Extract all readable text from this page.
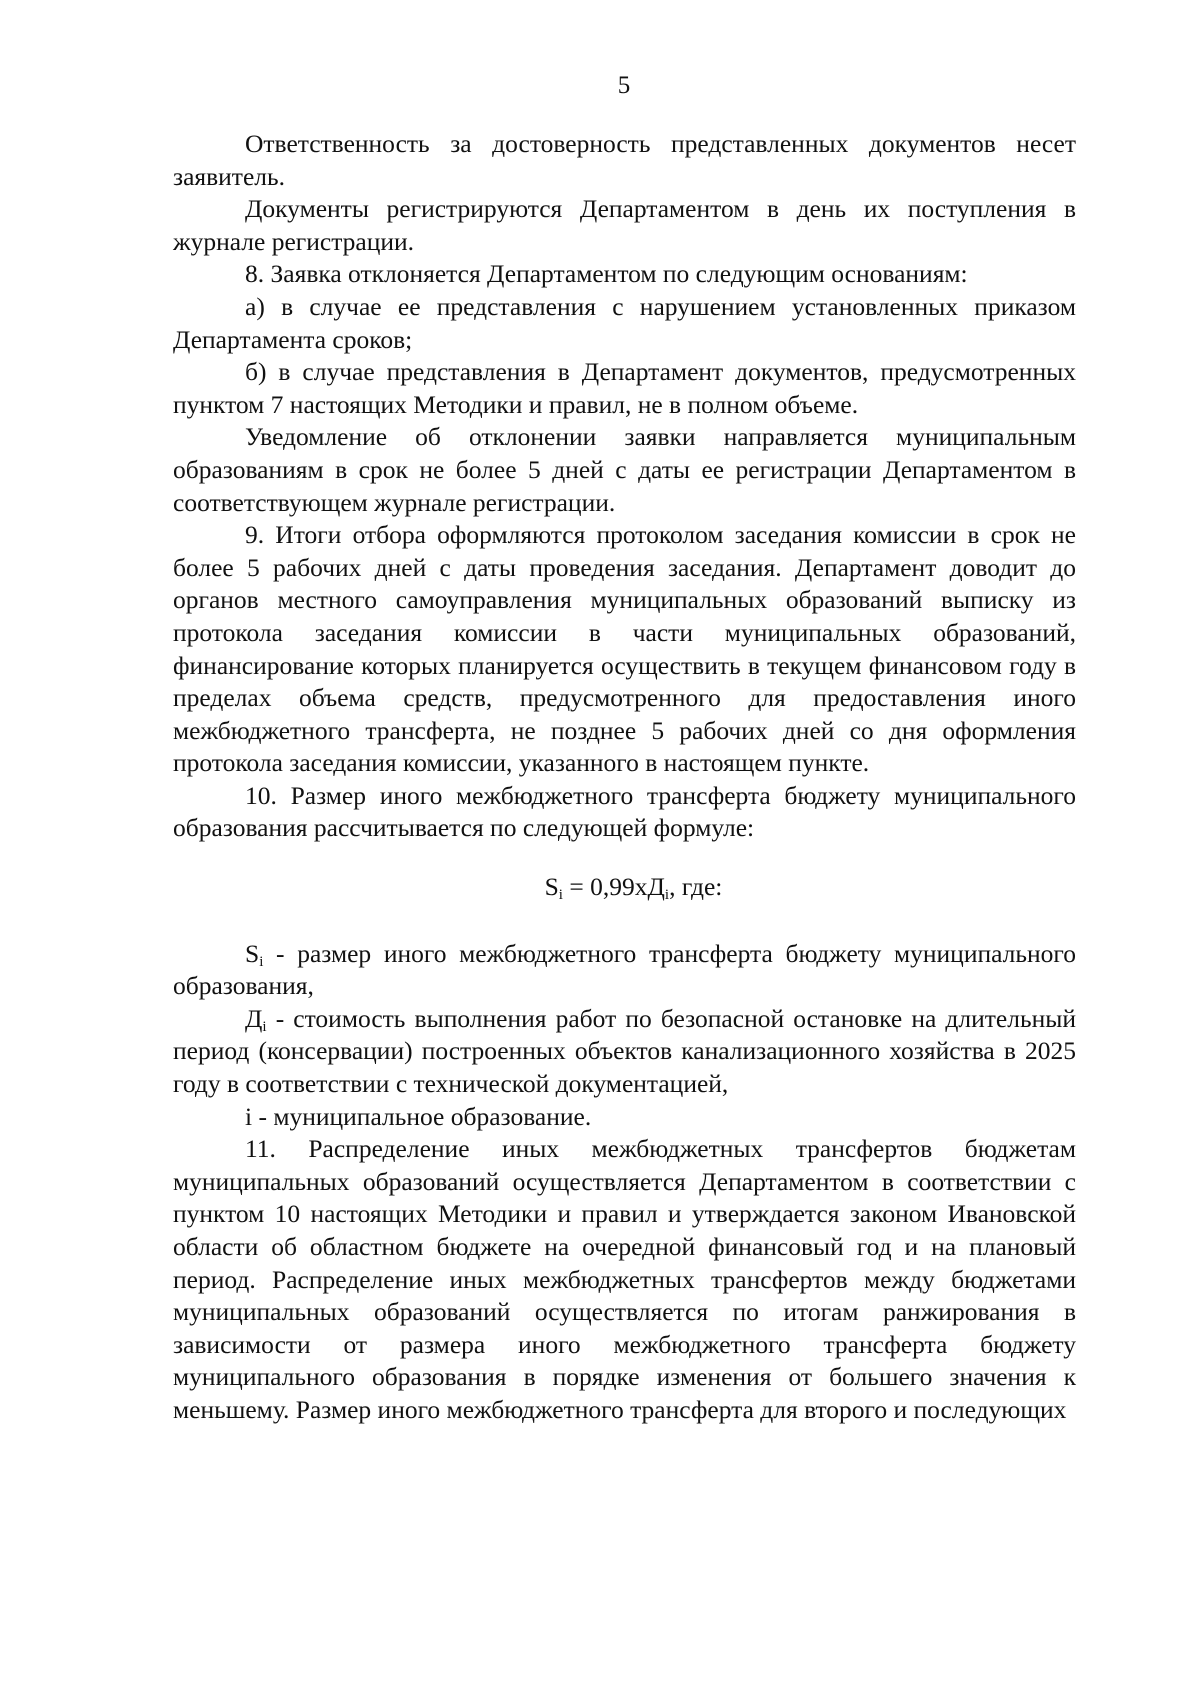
5

Ответственность за достоверность представленных документов несет заявитель.

Документы регистрируются Департаментом в день их поступления в журнале регистрации.

8. Заявка отклоняется Департаментом по следующим основаниям:

а) в случае ее представления с нарушением установленных приказом Департамента сроков;

б) в случае представления в Департамент документов, предусмотренных пунктом 7 настоящих Методики и правил, не в полном объеме.

Уведомление об отклонении заявки направляется муниципальным образованиям в срок не более 5 дней с даты ее регистрации Департаментом в соответствующем журнале регистрации.

9. Итоги отбора оформляются протоколом заседания комиссии в срок не более 5 рабочих дней с даты проведения заседания. Департамент доводит до органов местного самоуправления муниципальных образований выписку из протокола заседания комиссии в части муниципальных образований, финансирование которых планируется осуществить в текущем финансовом году в пределах объема средств, предусмотренного для предоставления иного межбюджетного трансферта, не позднее 5 рабочих дней со дня оформления протокола заседания комиссии, указанного в настоящем пункте.

10. Размер иного межбюджетного трансферта бюджету муниципального образования рассчитывается по следующей формуле:

$S_i = 0,99хД_i$, где:

$S_i$ - размер иного межбюджетного трансферта бюджету муниципального образования,

$Д_i$ - стоимость выполнения работ по безопасной остановке на длительный период (консервации) построенных объектов канализационного хозяйства в 2025 году в соответствии с технической документацией,

i - муниципальное образование.

11. Распределение иных межбюджетных трансфертов бюджетам муниципальных образований осуществляется Департаментом в соответствии с пунктом 10 настоящих Методики и правил и утверждается законом Ивановской области об областном бюджете на очередной финансовый год и на плановый период. Распределение иных межбюджетных трансфертов между бюджетами муниципальных образований осуществляется по итогам ранжирования в зависимости от размера иного межбюджетного трансферта бюджету муниципального образования в порядке изменения от большего значения к меньшему. Размер иного межбюджетного трансферта для второго и последующих
